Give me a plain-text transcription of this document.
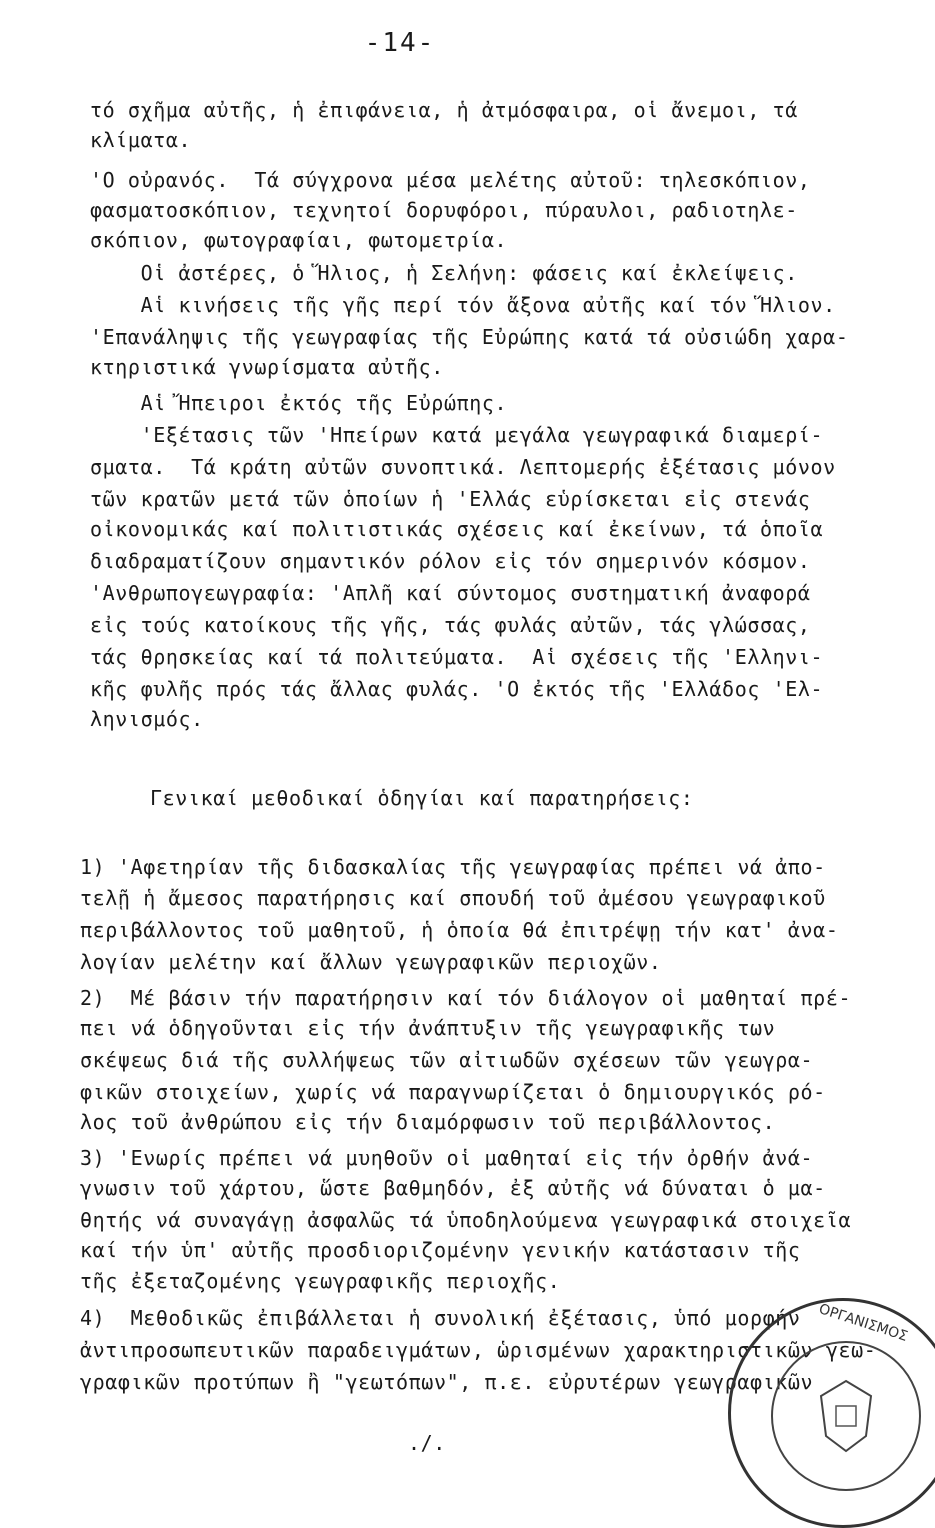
-14-
τό σχῆμα αὐτῆς, ἡ ἐπιφάνεια, ἡ ἀτμόσφαιρα, οἱ ἄνεμοι, τά
κλίματα.
'Ο οὐρανός.  Τά σύγχρονα μέσα μελέτης αὐτοῦ: τηλεσκόπιον,
φασματοσκόπιον, τεχνητοί δορυφόροι, πύραυλοι, ραδιοτηλε-
σκόπιον, φωτογραφίαι, φωτομετρία.
Οἱ ἀστέρες, ὁ Ἥλιος, ἡ Σελήνη: φάσεις καί ἐκλείψεις.
Αἱ κινήσεις τῆς γῆς περί τόν ἄξονα αὐτῆς καί τόν Ἥλιον.
'Επανάληψις τῆς γεωγραφίας τῆς Εὐρώπης κατά τά οὐσιώδη χαρα-
κτηριστικά γνωρίσματα αὐτῆς.
Αἱ Ἤπειροι ἐκτός τῆς Εὐρώπης.
'Εξέτασις τῶν 'Ηπείρων κατά μεγάλα γεωγραφικά διαμερί-
σματα.  Τά κράτη αὐτῶν συνοπτικά. Λεπτομερής ἐξέτασις μόνον
τῶν κρατῶν μετά τῶν ὁποίων ἡ 'Ελλάς εὑρίσκεται εἰς στενάς
οἰκονομικάς καί πολιτιστικάς σχέσεις καί ἐκείνων, τά ὁποῖα
διαδραματίζουν σημαντικόν ρόλον εἰς τόν σημερινόν κόσμον.
'Ανθρωπογεωγραφία: 'Απλῆ καί σύντομος συστηματική ἀναφορά
εἰς τούς κατοίκους τῆς γῆς, τάς φυλάς αὐτῶν, τάς γλώσσας,
τάς θρησκείας καί τά πολιτεύματα.  Αἱ σχέσεις τῆς 'Ελληνι-
κῆς φυλῆς πρός τάς ἄλλας φυλάς. 'Ο ἐκτός τῆς 'Ελλάδος 'Ελ-
ληνισμός.
Γενικαί μεθοδικαί ὁδηγίαι καί παρατηρήσεις:
1) 'Αφετηρίαν τῆς διδασκαλίας τῆς γεωγραφίας πρέπει νά ἀπο-
τελῇ ἡ ἄμεσος παρατήρησις καί σπουδή τοῦ ἀμέσου γεωγραφικοῦ
περιβάλλοντος τοῦ μαθητοῦ, ἡ ὁποία θά ἐπιτρέψῃ τήν κατ' ἀνα-
λογίαν μελέτην καί ἄλλων γεωγραφικῶν περιοχῶν.
2)  Μέ βάσιν τήν παρατήρησιν καί τόν διάλογον οἱ μαθηταί πρέ-
πει νά ὁδηγοῦνται εἰς τήν ἀνάπτυξιν τῆς γεωγραφικῆς των
σκέψεως διά τῆς συλλήψεως τῶν αἰτιωδῶν σχέσεων τῶν γεωγρα-
φικῶν στοιχείων, χωρίς νά παραγνωρίζεται ὁ δημιουργικός ρό-
λος τοῦ ἀνθρώπου εἰς τήν διαμόρφωσιν τοῦ περιβάλλοντος.
3) 'Ενωρίς πρέπει νά μυηθοῦν οἱ μαθηταί εἰς τήν ὀρθήν ἀνά-
γνωσιν τοῦ χάρτου, ὥστε βαθμηδόν, ἐξ αὐτῆς νά δύναται ὁ μα-
θητής νά συναγάγῃ ἀσφαλῶς τά ὑποδηλούμενα γεωγραφικά στοιχεῖα
καί τήν ὑπ' αὐτῆς προσδιοριζομένην γενικήν κατάστασιν τῆς
τῆς ἐξεταζομένης γεωγραφικῆς περιοχῆς.
4)  Μεθοδικῶς ἐπιβάλλεται ἡ συνολική ἐξέτασις, ὑπό μορφήν
ἀντιπροσωπευτικῶν παραδειγμάτων, ὡρισμένων χαρακτηριστικῶν γεω-
γραφικῶν προτύπων ἢ "γεωτόπων", π.ε. εὐρυτέρων γεωγραφικῶν
./.
ΟΡΓΑΝΙΣΜΟΣ
